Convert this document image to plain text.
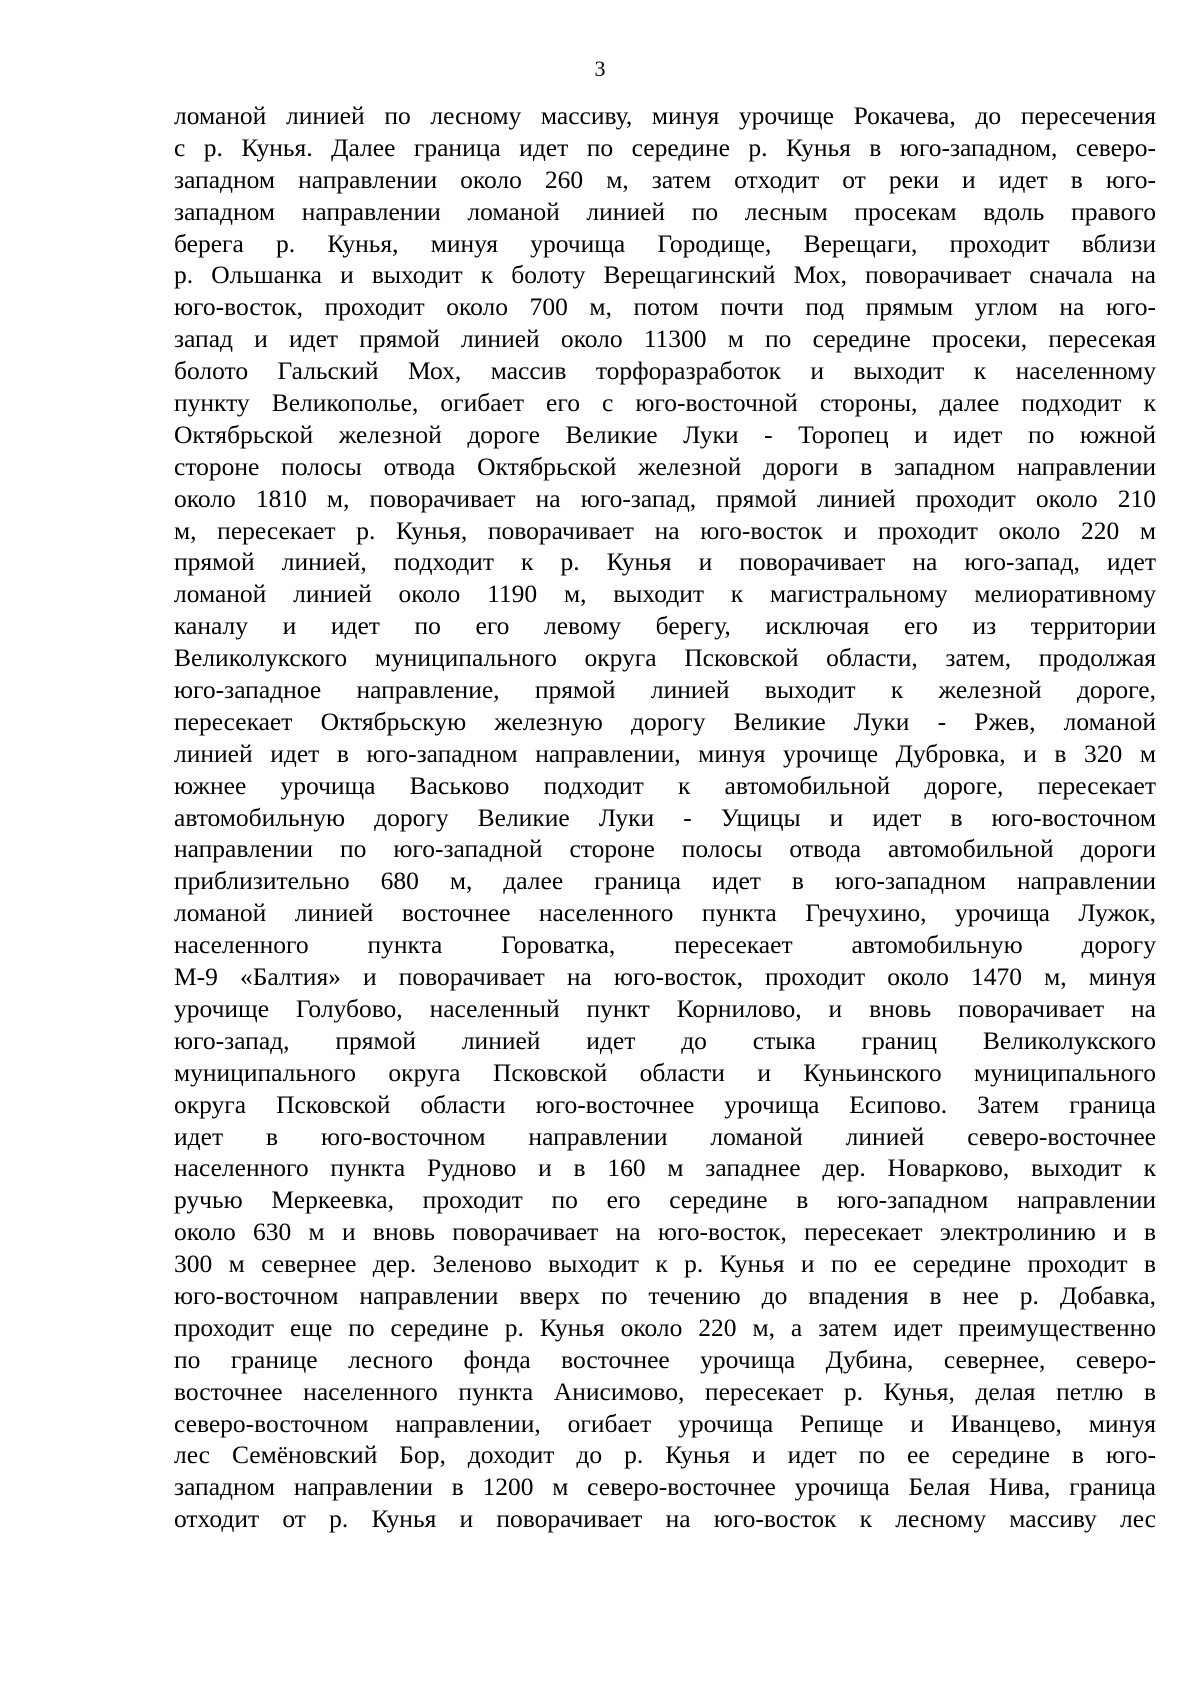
3
ломаной линией по лесному массиву, минуя урочище Рокачева, до пересечения
с р. Кунья. Далее граница идет по середине р. Кунья в юго-западном, северо-
западном направлении около 260 м, затем отходит от реки и идет в юго-
западном направлении ломаной линией по лесным просекам вдоль правого
берега р. Кунья, минуя урочища Городище, Верещаги, проходит вблизи
р. Ольшанка и выходит к болоту Верещагинский Мох, поворачивает сначала на
юго-восток, проходит около 700 м, потом почти под прямым углом на юго-
запад и идет прямой линией около 11300 м по середине просеки, пересекая
болото Гальский Мох, массив торфоразработок и выходит к населенному
пункту Великополье, огибает его с юго-восточной стороны, далее подходит к
Октябрьской железной дороге Великие Луки - Торопец и идет по южной
стороне полосы отвода Октябрьской железной дороги в западном направлении
около 1810 м, поворачивает на юго-запад, прямой линией проходит около 210
м, пересекает р. Кунья, поворачивает на юго-восток и проходит около 220 м
прямой линией, подходит к р. Кунья и поворачивает на юго-запад, идет
ломаной линией около 1190 м, выходит к магистральному мелиоративному
каналу и идет по его левому берегу, исключая его из территории
Великолукского муниципального округа Псковской области, затем, продолжая
юго-западное направление, прямой линией выходит к железной дороге,
пересекает Октябрьскую железную дорогу Великие Луки - Ржев, ломаной
линией идет в юго-западном направлении, минуя урочище Дубровка, и в 320 м
южнее урочища Васьково подходит к автомобильной дороге, пересекает
автомобильную дорогу Великие Луки - Ущицы и идет в юго-восточном
направлении по юго-западной стороне полосы отвода автомобильной дороги
приблизительно 680 м, далее граница идет в юго-западном направлении
ломаной линией восточнее населенного пункта Гречухино, урочища Лужок,
населенного пункта Гороватка, пересекает автомобильную дорогу
М-9 «Балтия» и поворачивает на юго-восток, проходит около 1470 м, минуя
урочище Голубово, населенный пункт Корнилово, и вновь поворачивает на
юго-запад, прямой линией идет до стыка границ Великолукского
муниципального округа Псковской области и Куньинского муниципального
округа Псковской области юго-восточнее урочища Есипово. Затем граница
идет в юго-восточном направлении ломаной линией северо-восточнее
населенного пункта Рудново и в 160 м западнее дер. Новарково, выходит к
ручью Меркеевка, проходит по его середине в юго-западном направлении
около 630 м и вновь поворачивает на юго-восток, пересекает электролинию и в
300 м севернее дер. Зеленово выходит к р. Кунья и по ее середине проходит в
юго-восточном направлении вверх по течению до впадения в нее р. Добавка,
проходит еще по середине р. Кунья около 220 м, а затем идет преимущественно
по границе лесного фонда восточнее урочища Дубина, севернее, северо-
восточнее населенного пункта Анисимово, пересекает р. Кунья, делая петлю в
северо-восточном направлении, огибает урочища Репище и Иванцево, минуя
лес Семёновский Бор, доходит до р. Кунья и идет по ее середине в юго-
западном направлении в 1200 м северо-восточнее урочища Белая Нива, граница
отходит от р. Кунья и поворачивает на юго-восток к лесному массиву лес
